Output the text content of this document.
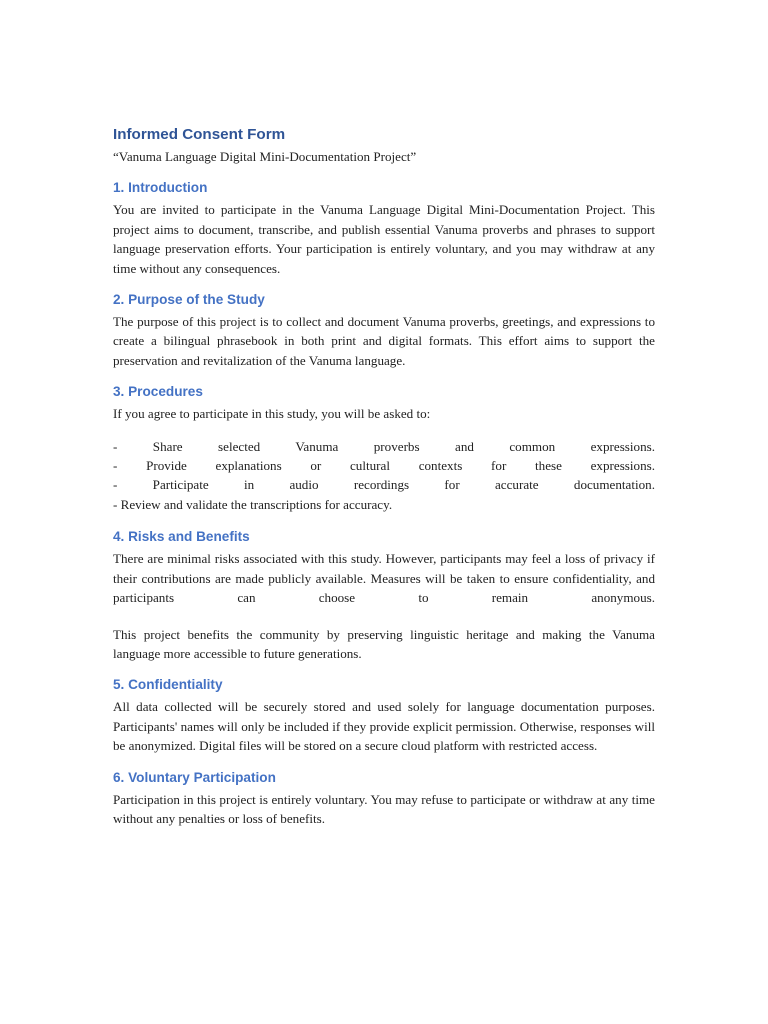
Informed Consent Form
“Vanuma Language Digital Mini-Documentation Project”
1. Introduction
You are invited to participate in the Vanuma Language Digital Mini-Documentation Project. This project aims to document, transcribe, and publish essential Vanuma proverbs and phrases to support language preservation efforts. Your participation is entirely voluntary, and you may withdraw at any time without any consequences.
2. Purpose of the Study
The purpose of this project is to collect and document Vanuma proverbs, greetings, and expressions to create a bilingual phrasebook in both print and digital formats. This effort aims to support the preservation and revitalization of the Vanuma language.
3. Procedures
If you agree to participate in this study, you will be asked to:
- Share selected Vanuma proverbs and common expressions.
- Provide explanations or cultural contexts for these expressions.
- Participate in audio recordings for accurate documentation.
- Review and validate the transcriptions for accuracy.
4. Risks and Benefits
There are minimal risks associated with this study. However, participants may feel a loss of privacy if their contributions are made publicly available. Measures will be taken to ensure confidentiality, and participants can choose to remain anonymous.
This project benefits the community by preserving linguistic heritage and making the Vanuma language more accessible to future generations.
5. Confidentiality
All data collected will be securely stored and used solely for language documentation purposes. Participants' names will only be included if they provide explicit permission. Otherwise, responses will be anonymized. Digital files will be stored on a secure cloud platform with restricted access.
6. Voluntary Participation
Participation in this project is entirely voluntary. You may refuse to participate or withdraw at any time without any penalties or loss of benefits.
